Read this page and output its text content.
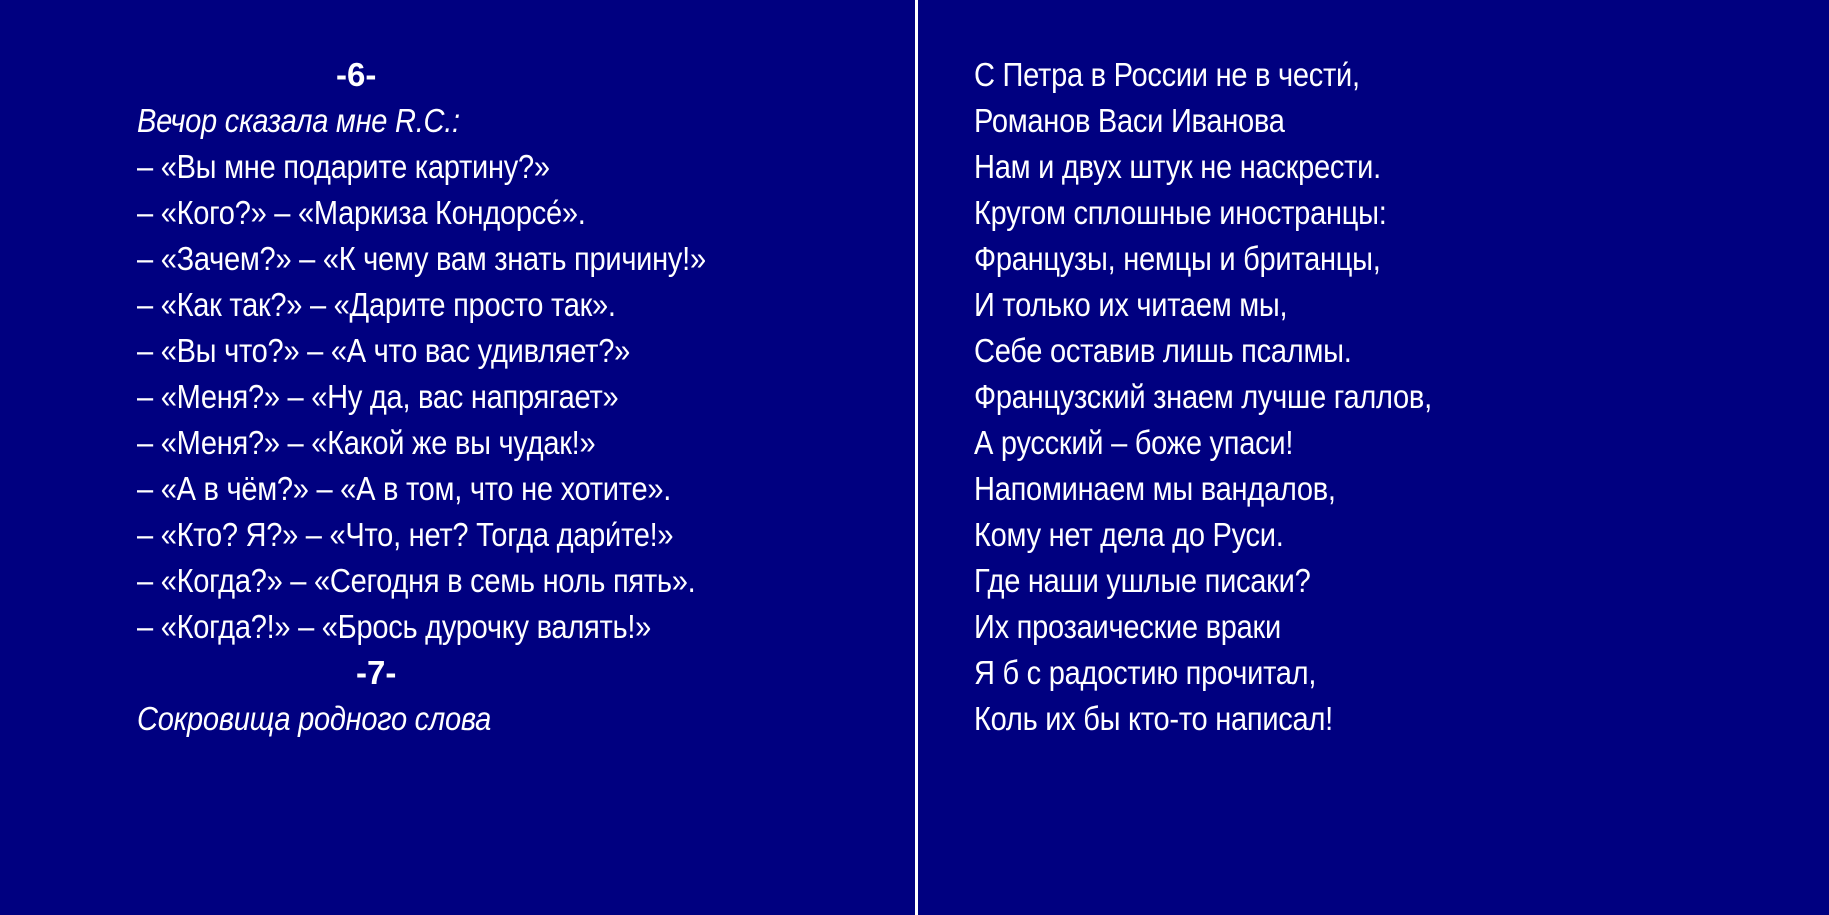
-6-
Вечор сказала мне R.C.:
– «Вы мне подарите картину?»
– «Кого?» – «Маркиза Кондорсе́».
– «Зачем?» – «К чему вам знать причину!»
– «Как так?» – «Дарите просто так».
– «Вы что?» – «А что вас удивляет?»
– «Меня?» – «Ну да, вас напрягает»
– «Меня?» – «Какой же вы чудак!»
– «А в чём?» – «А в том, что не хотите».
– «Кто? Я?» – «Что, нет? Тогда дари́те!»
– «Когда?» – «Сегодня в семь ноль пять».
– «Когда?!» – «Брось дурочку валять!»
-7-
Сокровища родного слова
С Петра в России не в чести́,
Романов Васи Иванова
Нам и двух штук не наскрести.
Кругом сплошные иностранцы:
Французы, немцы и британцы,
И только их читаем мы,
Себе оставив лишь псалмы.
Французский знаем лучше галлов,
А русский – боже упаси!
Напоминаем мы вандалов,
Кому нет дела до Руси.
Где наши ушлые писаки?
Их прозаические враки
Я б с радостию прочитал,
Коль их бы кто-то написал!
